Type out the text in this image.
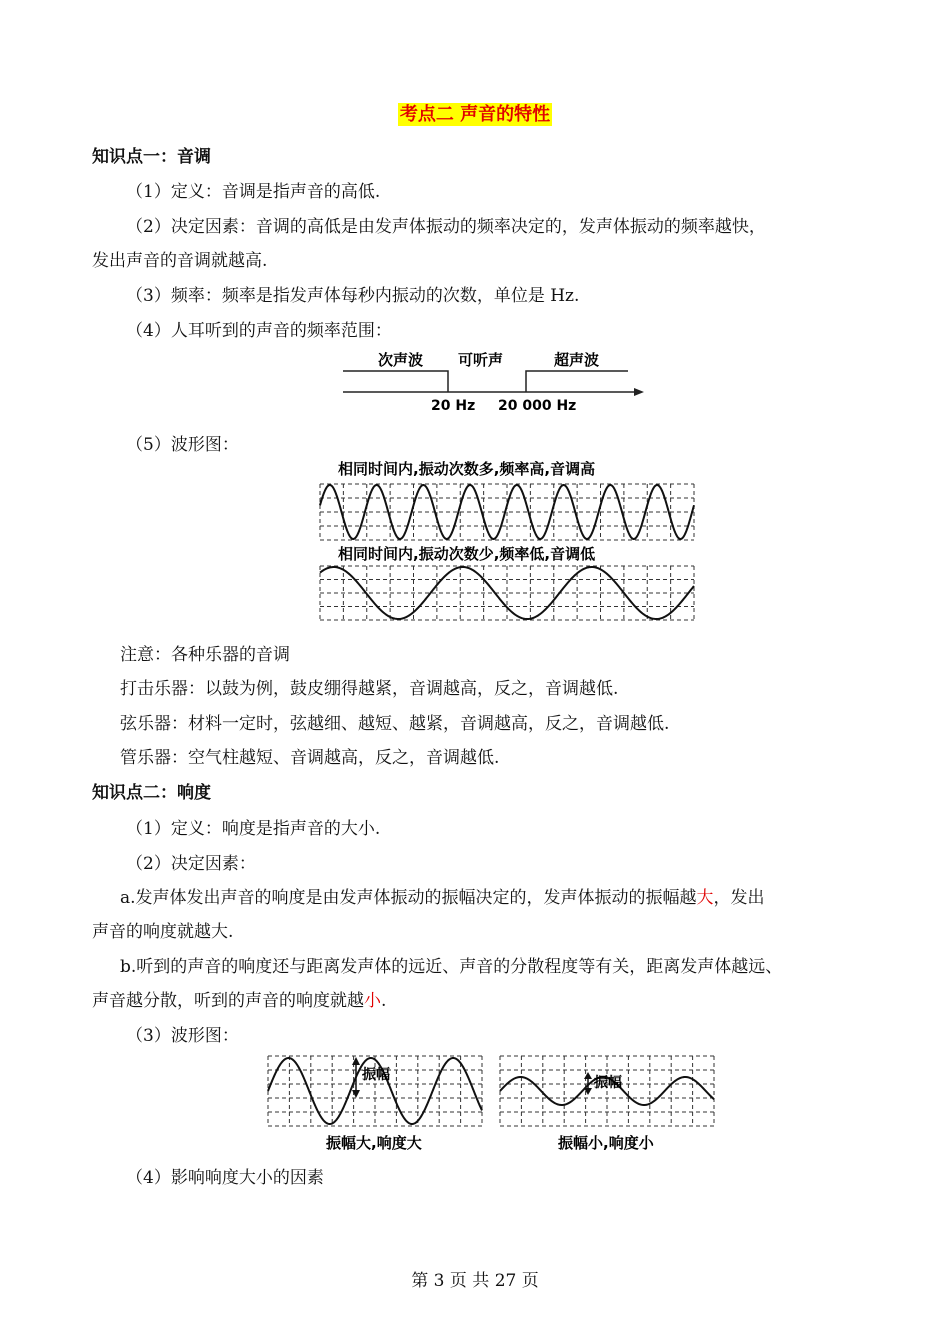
考点二 声音的特性
知识点一：音调
（1）定义：音调是指声音的高低.
（2）决定因素：音调的高低是由发声体振动的频率决定的，发声体振动的频率越快，
发出声音的音调就越高.
（3）频率：频率是指发声体每秒内振动的次数，单位是 Hz.
（4）人耳听到的声音的频率范围：
次声波 可听声	超声波
20 Hz 20 000 Hz
（5）波形图：
相同时间内,振动次数多,频率高,音调高
相同时间内,振动次数少,频率低,音调低
注意：各种乐器的音调
打击乐器：以鼓为例，鼓皮绷得越紧，音调越高，反之，音调越低.
弦乐器：材料一定时，弦越细、越短、越紧，音调越高，反之，音调越低.
管乐器：空气柱越短、音调越高，反之，音调越低.
知识点二：响度
（1）定义：响度是指声音的大小.
（2）决定因素：
a.发声体发出声音的响度是由发声体振动的振幅决定的，发声体振动的振幅越大，发出
声音的响度就越大.
b.听到的声音的响度还与距离发声体的远近、声音的分散程度等有关，距离发声体越远、
声音越分散，听到的声音的响度就越小.
（3）波形图：
振幅
振幅大,响度大
振幅
振幅小,响度小
（4）影响响度大小的因素
第 3 页 共 27 页
